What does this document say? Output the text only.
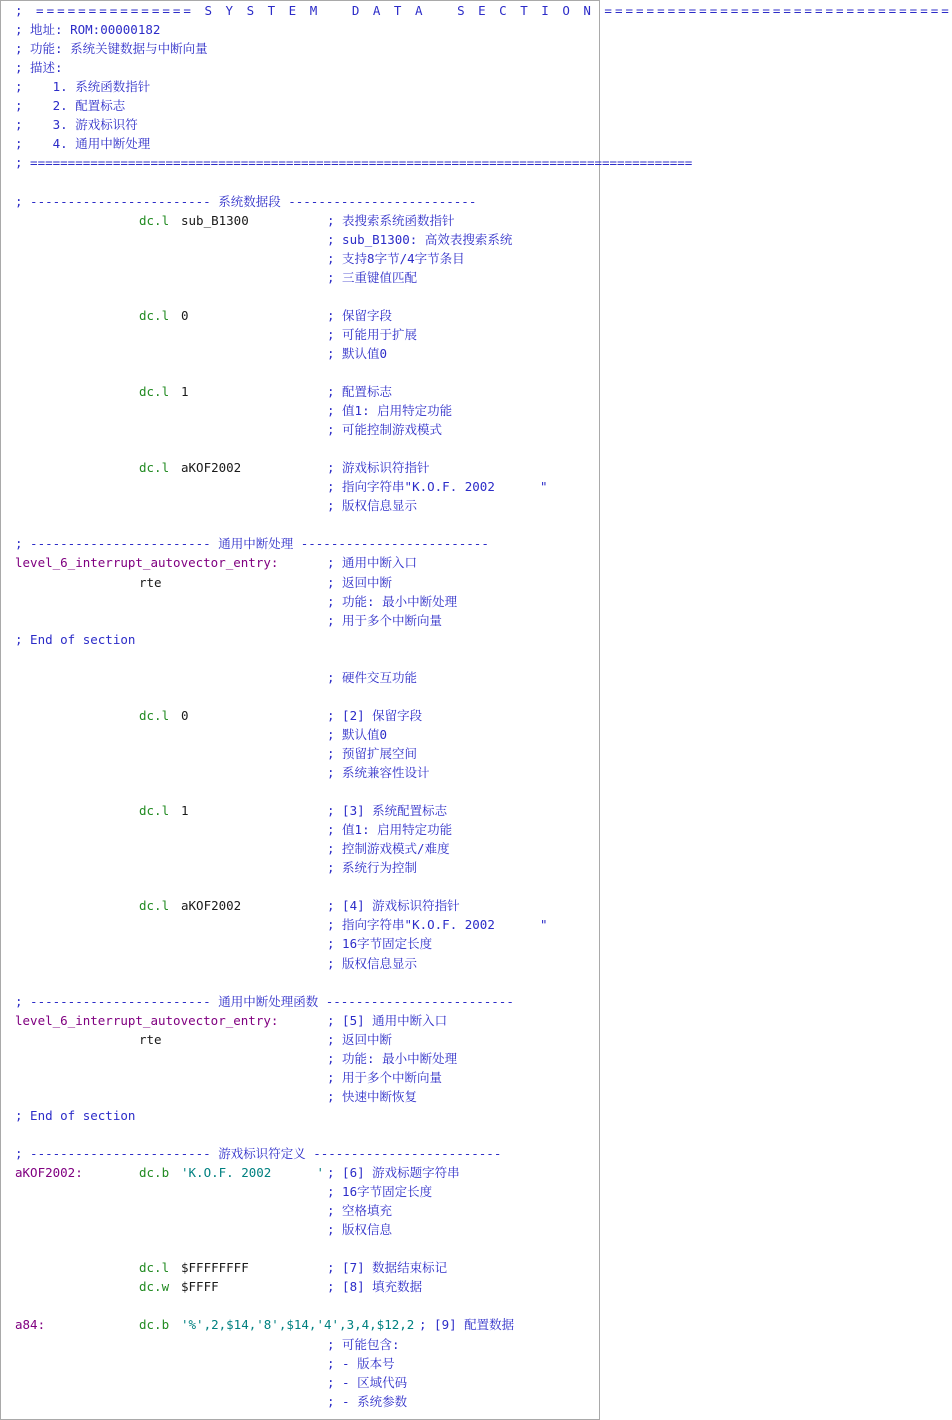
; =============== S Y S T E M   D A T A   S E C T I O N =================================
; 地址: ROM:00000182
; 功能: 系统关键数据与中断向量
; 描述:
;    1. 系统函数指针
;    2. 配置标志
;    3. 游戏标识符
;    4. 通用中断处理
; ========================================================================================
; ------------------------ 系统数据段 -------------------------
dc.l sub_B1300	; 表搜索系统函数指针
; sub_B1300: 高效表搜索系统
; 支持8字节/4字节条目
; 三重键值匹配
dc.l 0	; 保留字段
; 可能用于扩展
; 默认值0
dc.l 1	; 配置标志
; 值1: 启用特定功能
; 可能控制游戏模式
dc.l aKOF2002	; 游戏标识符指针
; 指向字符串"K.O.F. 2002      "
; 版权信息显示
; ------------------------ 通用中断处理 -------------------------
level_6_interrupt_autovector_entry:	; 通用中断入口
rte	; 返回中断
; 功能: 最小中断处理
; 用于多个中断向量
; End of section
; 硬件交互功能
dc.l 0	; [2] 保留字段
; 默认值0
; 预留扩展空间
; 系统兼容性设计
dc.l 1	; [3] 系统配置标志
; 值1: 启用特定功能
; 控制游戏模式/难度
; 系统行为控制
dc.l aKOF2002	; [4] 游戏标识符指针
; 指向字符串"K.O.F. 2002      "
; 16字节固定长度
; 版权信息显示
; ------------------------ 通用中断处理函数 -------------------------
level_6_interrupt_autovector_entry:	; [5] 通用中断入口
rte	; 返回中断
; 功能: 最小中断处理
; 用于多个中断向量
; 快速中断恢复
; End of section
; ------------------------ 游戏标识符定义 -------------------------
aKOF2002:	dc.b 'K.O.F. 2002      ' ; [6] 游戏标题字符串
; 16字节固定长度
; 空格填充
; 版权信息
dc.l $FFFFFFFF	; [7] 数据结束标记
dc.w $FFFF	; [8] 填充数据
a84:	dc.b '%',2,$14,'8',$14,'4',3,4,$12,2 ; [9] 配置数据
; 可能包含:
; - 版本号
; - 区域代码
; - 系统参数
